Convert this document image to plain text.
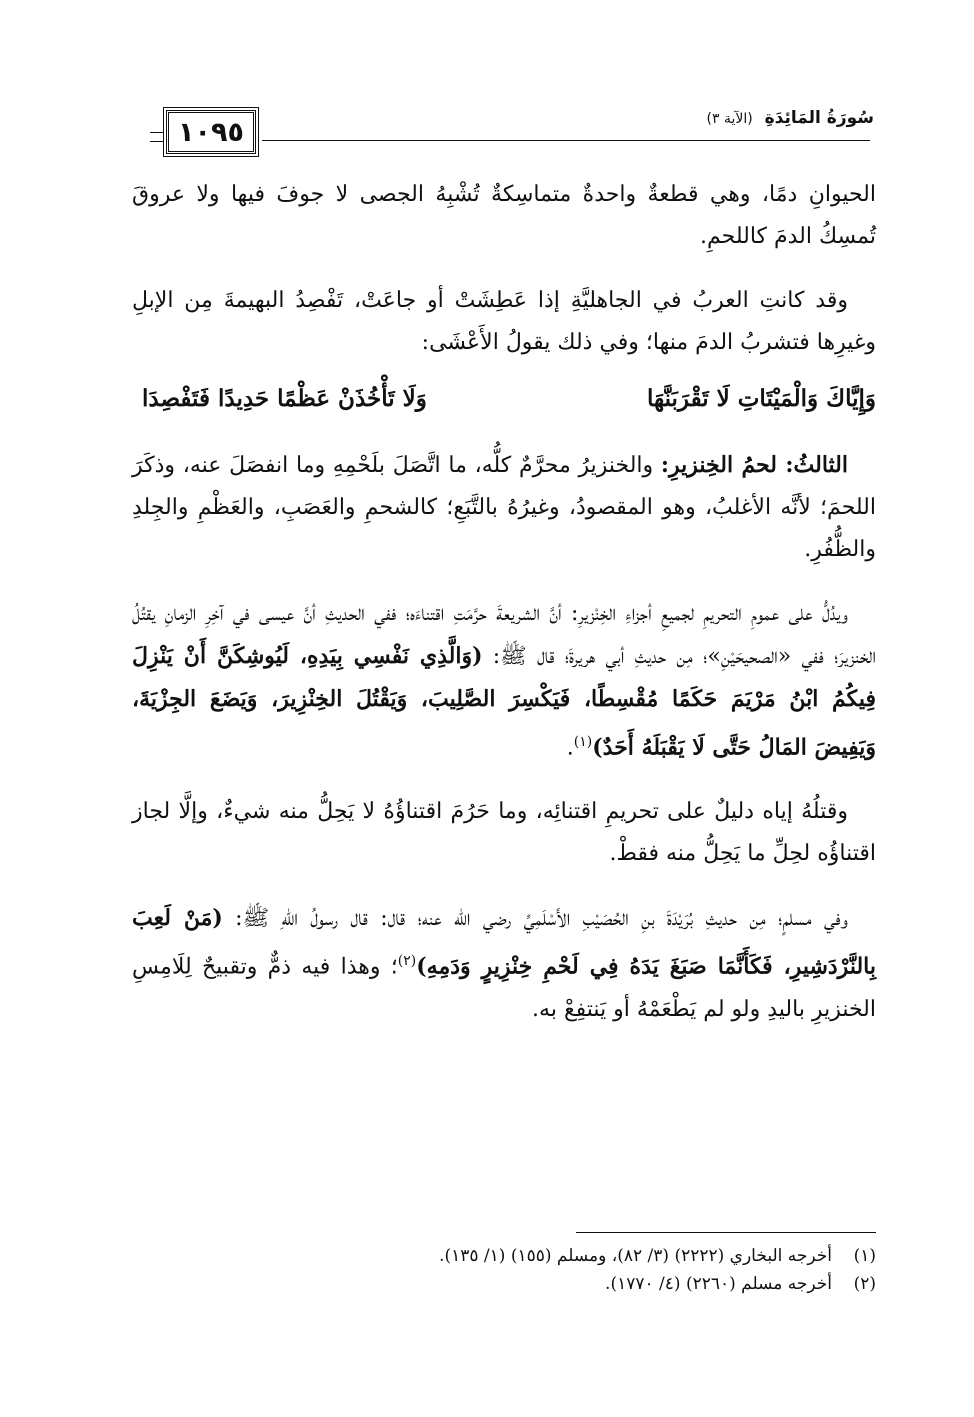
١٠٩٥	سُورَةُ المَائِدَةِ (الآية ٣)

الحيوانِ دمًا، وهي قطعةٌ واحدةٌ متماسِكةٌ تُشْبِهُ الجصى لا جوفَ فيها ولا عروقَ تُمسِكُ الدمَ كاللحمِ.

وقد كانتِ العربُ في الجاهليَّةِ إذا عَطِشَتْ أو جاعَتْ، تَفْصِدُ البهيمةَ مِن الإبلِ وغيرِها فتشربُ الدمَ منها؛ وفي ذلك يقولُ الأَعْشَى:

وَإِيَّاكَ وَالْمَيْتَاتِ لَا تَقْرَبَنَّهَا
وَلَا تَأْخُذَنْ عَظْمًا حَدِيدًا فَتَفْصِدَا

الثالثُ: لحمُ الخِنزيرِ: والخنزيرُ محرَّمٌ كلُّه، ما اتَّصَلَ بلَحْمِهِ وما انفصَلَ عنه، وذكَرَ اللحمَ؛ لأنَّه الأغلبُ، وهو المقصودُ، وغيرُهُ بالتَّبَعِ؛ كالشحمِ والعَصَبِ، والعَظْمِ والجِلدِ والظُّفُرِ.

ويدُلُّ على عمومِ التحريمِ لجميعِ أجزاءِ الخِنْزيرِ: أنَّ الشريعةَ حرَّمَتِ اقتناءَه؛ ففي الحديثِ أنَّ عيسى في آخِرِ الزمانِ يقتُلُ الخنزيرَ؛ ففي «الصحيحَيْنِ»؛ مِن حديثِ أبي هريرةَ؛ قال ﷺ: (وَالَّذِي نَفْسِي بِيَدِهِ، لَيُوشِكَنَّ أَنْ يَنْزِلَ فِيكُمُ ابْنُ مَرْيَمَ حَكَمًا مُقْسِطًا، فَيَكْسِرَ الصَّلِيبَ، وَيَقْتُلَ الخِنْزِيرَ، وَيَضَعَ الجِزْيَةَ، وَيَفِيضَ المَالُ حَتَّى لَا يَقْبَلَهُ أَحَدٌ)$^{(١)}$.

وقتلُهُ إياه دليلٌ على تحريمِ اقتنائِه، وما حَرُمَ اقتناؤُهُ لا يَحِلُّ منه شيءٌ، وإلَّا لجاز اقتناؤُه لحِلِّ ما يَحِلُّ منه فقطْ.

وفي مسلمٍ؛ مِن حديثِ بُرَيْدَةَ بنِ الحُصَيْبِ الأَسْلَمِيِّ رضي الله عنه؛ قال: قال رسولُ اللهِ ﷺ: (مَنْ لَعِبَ بِالنَّرْدَشِيرِ، فَكَأَنَّمَا صَبَغَ يَدَهُ فِي لَحْمِ خِنْزِيرٍ وَدَمِهِ)$^{(٢)}$؛ وهذا فيه ذمٌّ وتقبيحٌ لِلَامِسِ الخنزيرِ باليدِ ولو لم يَطْعَمْهُ أو يَنتفِعْ به.

(١)
أخرجه البخاري (٢٢٢٢) (٣/ ٨٢)، ومسلم (١٥٥) (١/ ١٣٥).
(٢)
أخرجه مسلم (٢٢٦٠) (٤/ ١٧٧٠).
